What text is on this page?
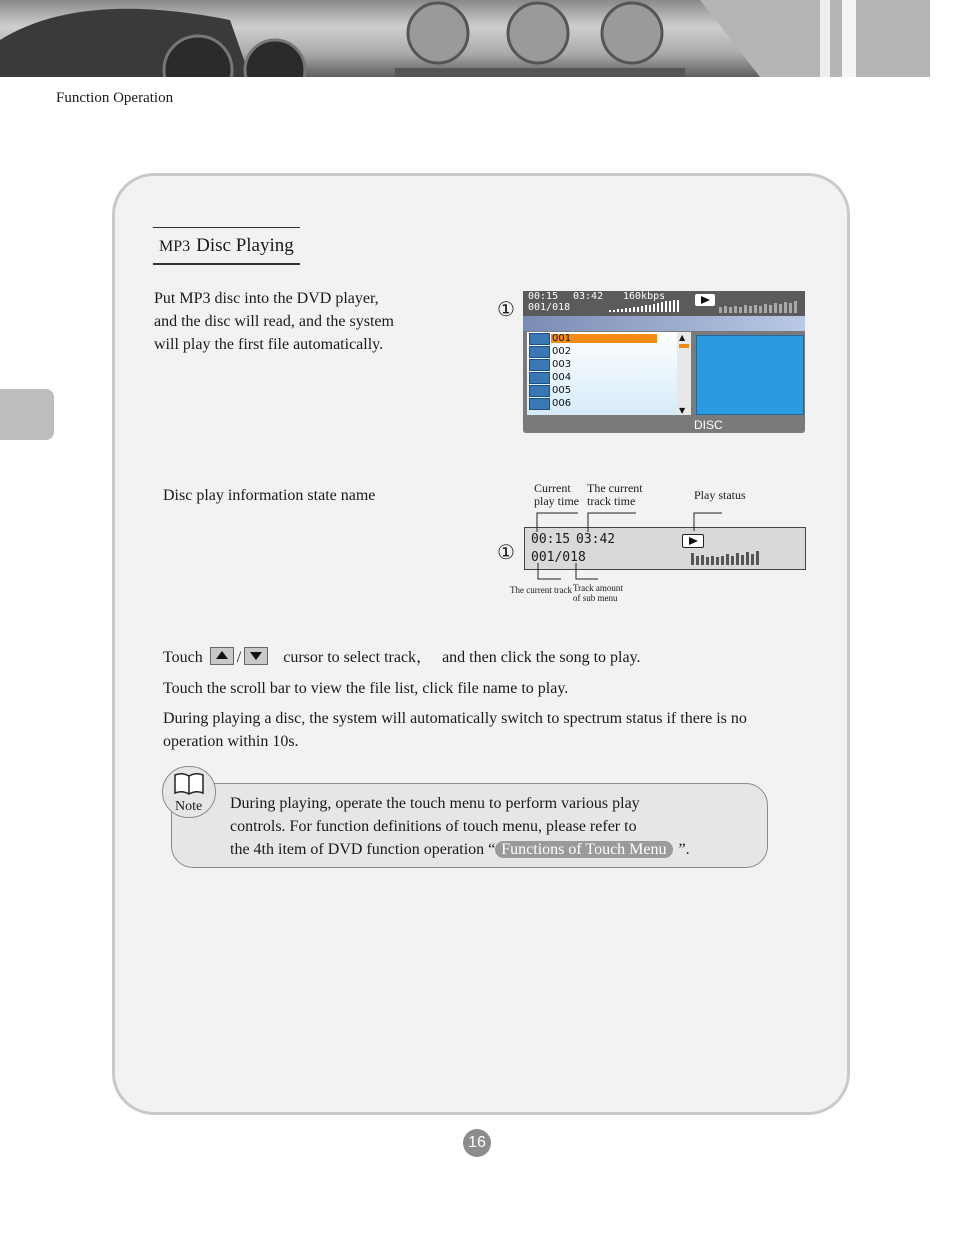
Function Operation
MP3 Disc Playing
Put MP3 disc into the DVD player,
and the disc will read, and the system
will play the first file automatically.
①
00:15 03:42 160kbps
001/018
001
002
003
004
005
006
▲
▼
DISC
Disc play information state name	Current
play time
The current
track time	Play status
①
00:15 03:42
001/018
The current track Track amount
of sub menu
Touch /	cursor to select track， and then click the song to play.
Touch the scroll bar to view the file list, click file name to play.
During playing a disc, the system will automatically switch to spectrum status if there is no
operation within 10s.
Note During playing, operate the touch menu to perform various play
controls. For function definitions of touch menu, please refer to
the 4th item of DVD function operation “ Functions of Touch Menu ”.
16
